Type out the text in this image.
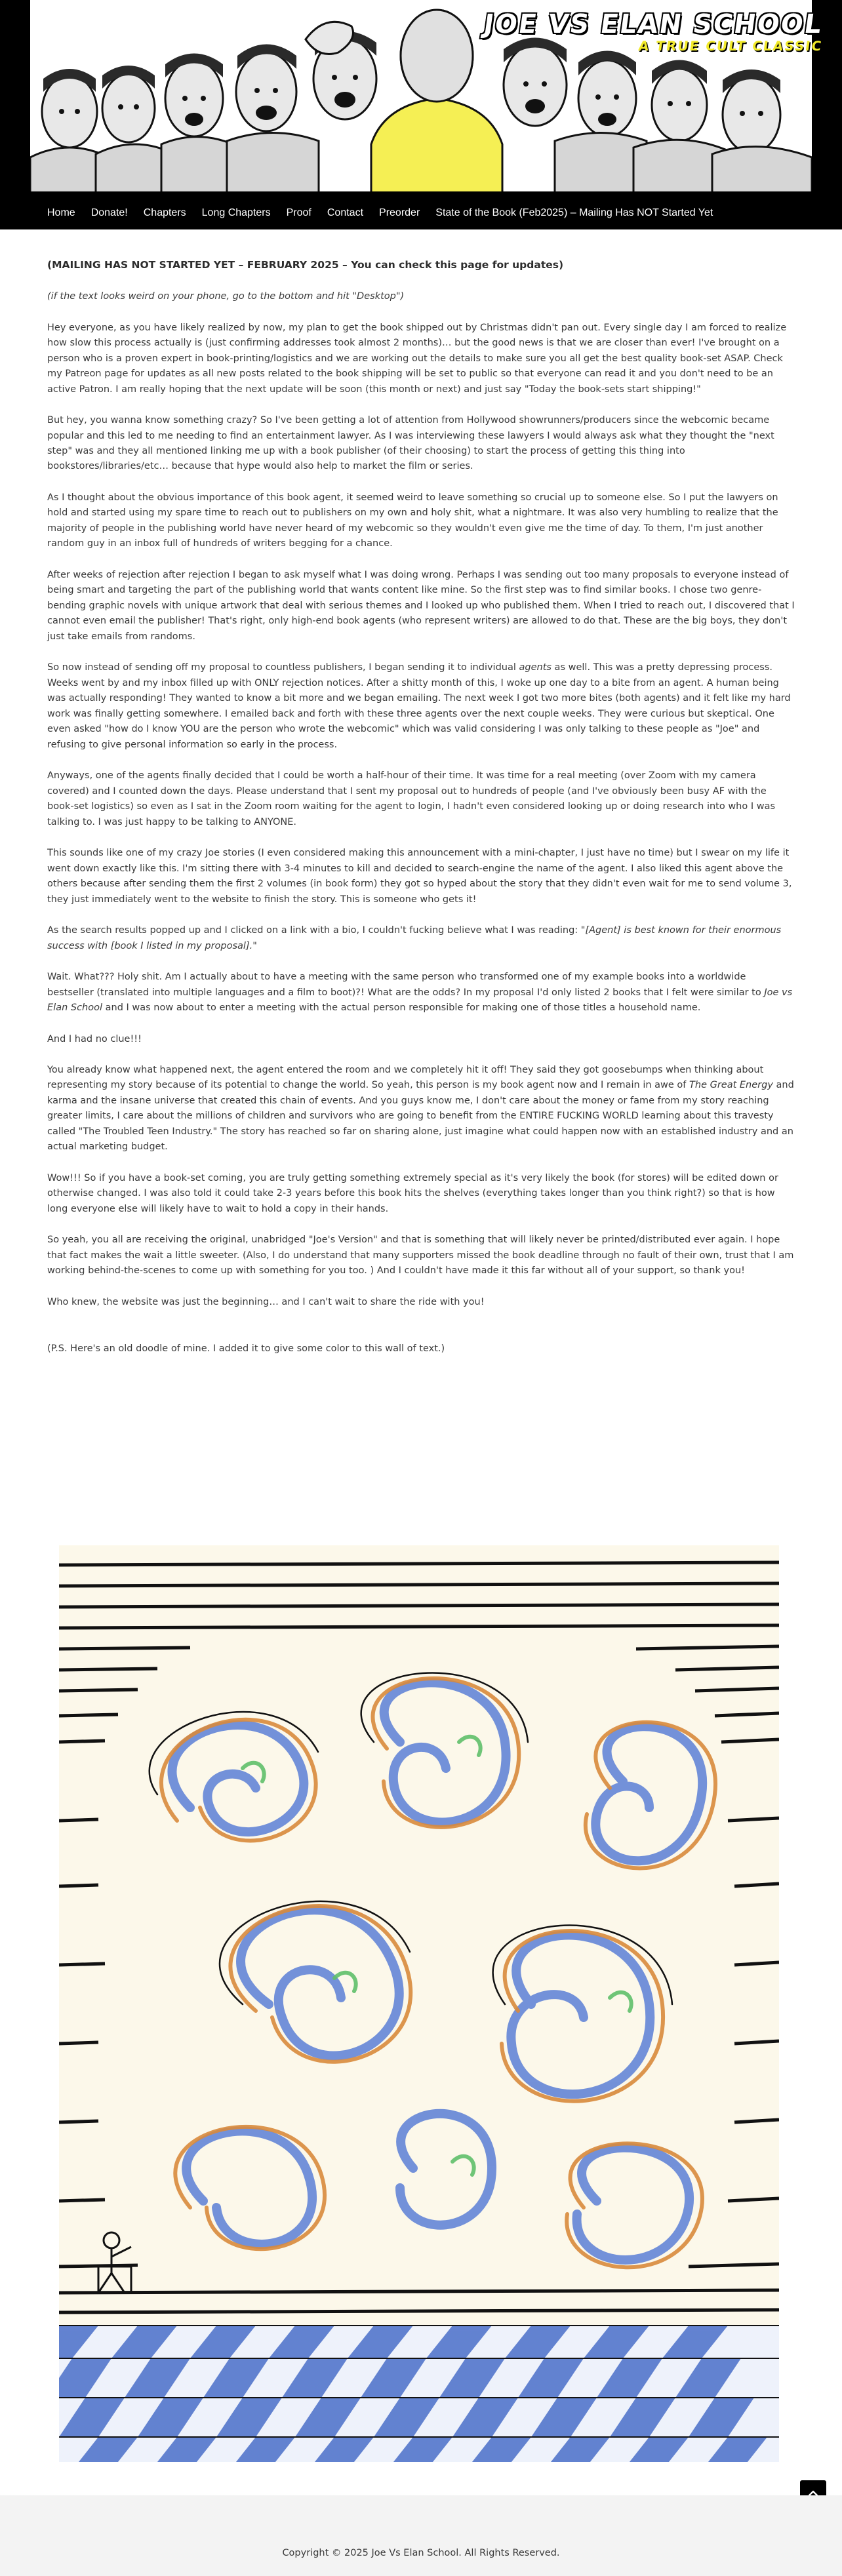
JOE VS ELAN SCHOOL
A TRUE CULT CLASSIC
Home Donate! Chapters Long Chapters Proof Contact Preorder State of the Book (Feb2025) – Mailing Has NOT Started Yet

(MAILING HAS NOT STARTED YET – FEBRUARY 2025 – You can check this page for updates)

(if the text looks weird on your phone, go to the bottom and hit "Desktop")

Hey everyone, as you have likely realized by now, my plan to get the book shipped out by Christmas didn't pan out. Every single day I am forced to realize how slow this process actually is (just confirming addresses took almost 2 months)… but the good news is that we are closer than ever! I've brought on a person who is a proven expert in book-printing/logistics and we are working out the details to make sure you all get the best quality book-set ASAP. Check my Patreon page for updates as all new posts related to the book shipping will be set to public so that everyone can read it and you don't need to be an active Patron. I am really hoping that the next update will be soon (this month or next) and just say "Today the book-sets start shipping!"

But hey, you wanna know something crazy? So I've been getting a lot of attention from Hollywood showrunners/producers since the webcomic became popular and this led to me needing to find an entertainment lawyer. As I was interviewing these lawyers I would always ask what they thought the "next step" was and they all mentioned linking me up with a book publisher (of their choosing) to start the process of getting this thing into bookstores/libraries/etc… because that hype would also help to market the film or series.

As I thought about the obvious importance of this book agent, it seemed weird to leave something so crucial up to someone else. So I put the lawyers on hold and started using my spare time to reach out to publishers on my own and holy shit, what a nightmare. It was also very humbling to realize that the majority of people in the publishing world have never heard of my webcomic so they wouldn't even give me the time of day. To them, I'm just another random guy in an inbox full of hundreds of writers begging for a chance.

After weeks of rejection after rejection I began to ask myself what I was doing wrong. Perhaps I was sending out too many proposals to everyone instead of being smart and targeting the part of the publishing world that wants content like mine. So the first step was to find similar books. I chose two genre-bending graphic novels with unique artwork that deal with serious themes and I looked up who published them. When I tried to reach out, I discovered that I cannot even email the publisher! That's right, only high-end book agents (who represent writers) are allowed to do that. These are the big boys, they don't just take emails from randoms.

So now instead of sending off my proposal to countless publishers, I began sending it to individual agents as well. This was a pretty depressing process. Weeks went by and my inbox filled up with ONLY rejection notices. After a shitty month of this, I woke up one day to a bite from an agent. A human being was actually responding! They wanted to know a bit more and we began emailing. The next week I got two more bites (both agents) and it felt like my hard work was finally getting somewhere. I emailed back and forth with these three agents over the next couple weeks. They were curious but skeptical. One even asked "how do I know YOU are the person who wrote the webcomic" which was valid considering I was only talking to these people as "Joe" and refusing to give personal information so early in the process.

Anyways, one of the agents finally decided that I could be worth a half-hour of their time. It was time for a real meeting (over Zoom with my camera covered) and I counted down the days. Please understand that I sent my proposal out to hundreds of people (and I've obviously been busy AF with the book-set logistics) so even as I sat in the Zoom room waiting for the agent to login, I hadn't even considered looking up or doing research into who I was talking to. I was just happy to be talking to ANYONE.

This sounds like one of my crazy Joe stories (I even considered making this announcement with a mini-chapter, I just have no time) but I swear on my life it went down exactly like this. I'm sitting there with 3-4 minutes to kill and decided to search-engine the name of the agent. I also liked this agent above the others because after sending them the first 2 volumes (in book form) they got so hyped about the story that they didn't even wait for me to send volume 3, they just immediately went to the website to finish the story. This is someone who gets it!

As the search results popped up and I clicked on a link with a bio, I couldn't fucking believe what I was reading: "[Agent] is best known for their enormous success with [book I listed in my proposal]."

Wait. What??? Holy shit. Am I actually about to have a meeting with the same person who transformed one of my example books into a worldwide bestseller (translated into multiple languages and a film to boot)?! What are the odds? In my proposal I'd only listed 2 books that I felt were similar to Joe vs Elan School and I was now about to enter a meeting with the actual person responsible for making one of those titles a household name.

And I had no clue!!!

You already know what happened next, the agent entered the room and we completely hit it off! They said they got goosebumps when thinking about representing my story because of its potential to change the world. So yeah, this person is my book agent now and I remain in awe of The Great Energy and karma and the insane universe that created this chain of events. And you guys know me, I don't care about the money or fame from my story reaching greater limits, I care about the millions of children and survivors who are going to benefit from the ENTIRE FUCKING WORLD learning about this travesty called "The Troubled Teen Industry." The story has reached so far on sharing alone, just imagine what could happen now with an established industry and an actual marketing budget.

Wow!!! So if you have a book-set coming, you are truly getting something extremely special as it's very likely the book (for stores) will be edited down or otherwise changed. I was also told it could take 2-3 years before this book hits the shelves (everything takes longer than you think right?) so that is how long everyone else will likely have to wait to hold a copy in their hands.

So yeah, you all are receiving the original, unabridged "Joe's Version" and that is something that will likely never be printed/distributed ever again. I hope that fact makes the wait a little sweeter. (Also, I do understand that many supporters missed the book deadline through no fault of their own, trust that I am working behind-the-scenes to come up with something for you too. ) And I couldn't have made it this far without all of your support, so thank you!

Who knew, the website was just the beginning… and I can't wait to share the ride with you!

(P.S. Here's an old doodle of mine. I added it to give some color to this wall of text.)

Copyright © 2025 Joe Vs Elan School. All Rights Reserved.
